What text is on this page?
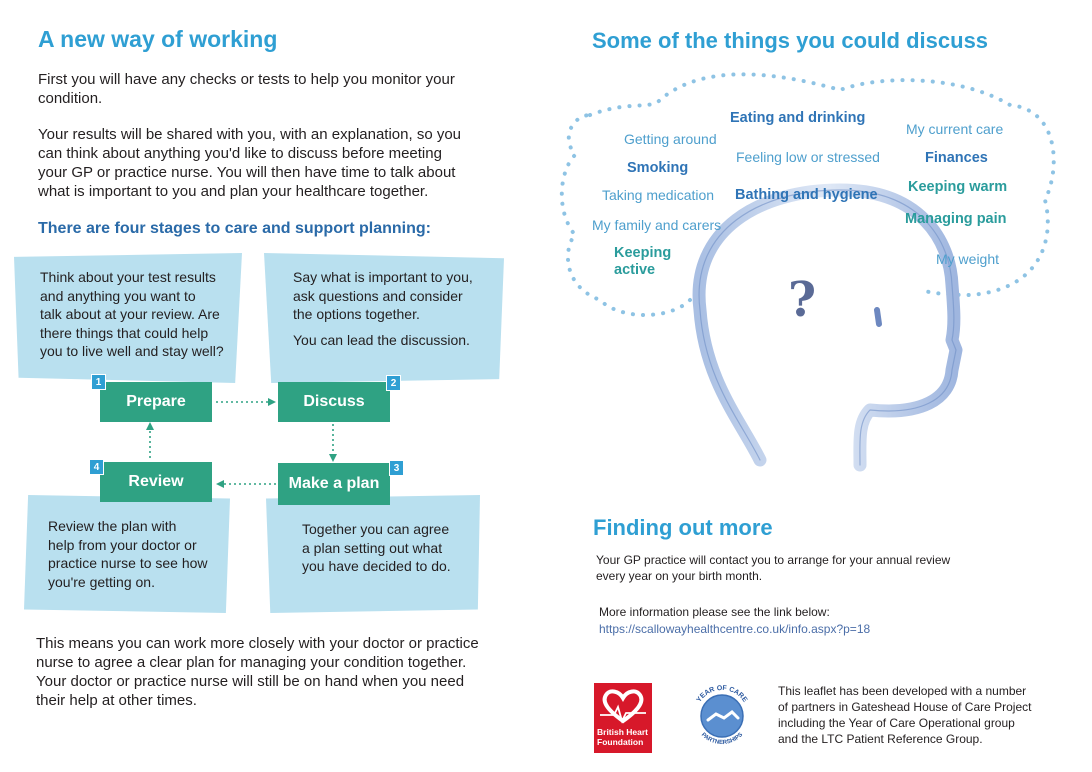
A new way of working
First you will have any checks or tests to help you monitor your
condition.
Your results will be shared with you, with an explanation, so you
can think about anything you'd like to discuss before meeting
your GP or practice nurse. You will then have time to talk about
what is important to you and plan your healthcare together.
There are four stages to care and support planning:
Think about your test results
and anything you want to
talk about at your review. Are
there things that could help
you to live well and stay well?
Say what is important to you,
ask questions and consider
the options together.
You can lead the discussion.
Review the plan with
help from your doctor or
practice nurse to see how
you're getting on.
Together you can agree
a plan setting out what
you have decided to do.
Prepare
1
Discuss
2
Make a plan
3
Review
4
This means you can work more closely with your doctor or practice
nurse to agree a clear plan for managing your condition together.
Your doctor or practice nurse will still be on hand when you need
their help at other times.
Some of the things you could discuss
?
Getting around
Eating and drinking
My current care
Smoking
Feeling low or stressed	Finances
Taking medication Bathing and hygiene Keeping warm
My family and carers	Managing pain
Keeping
active
My weight
Finding out more
Your GP practice will contact you to arrange for your annual review
every year on your birth month.
More information please see the link below:
https://scallowayhealthcentre.co.uk/info.aspx?p=18
British Heart
Foundation
YEAR OF CARE
PARTNERSHIPS
This leaflet has been developed with a number
of partners in Gateshead House of Care Project
including the Year of Care Operational group
and the LTC Patient Reference Group.
